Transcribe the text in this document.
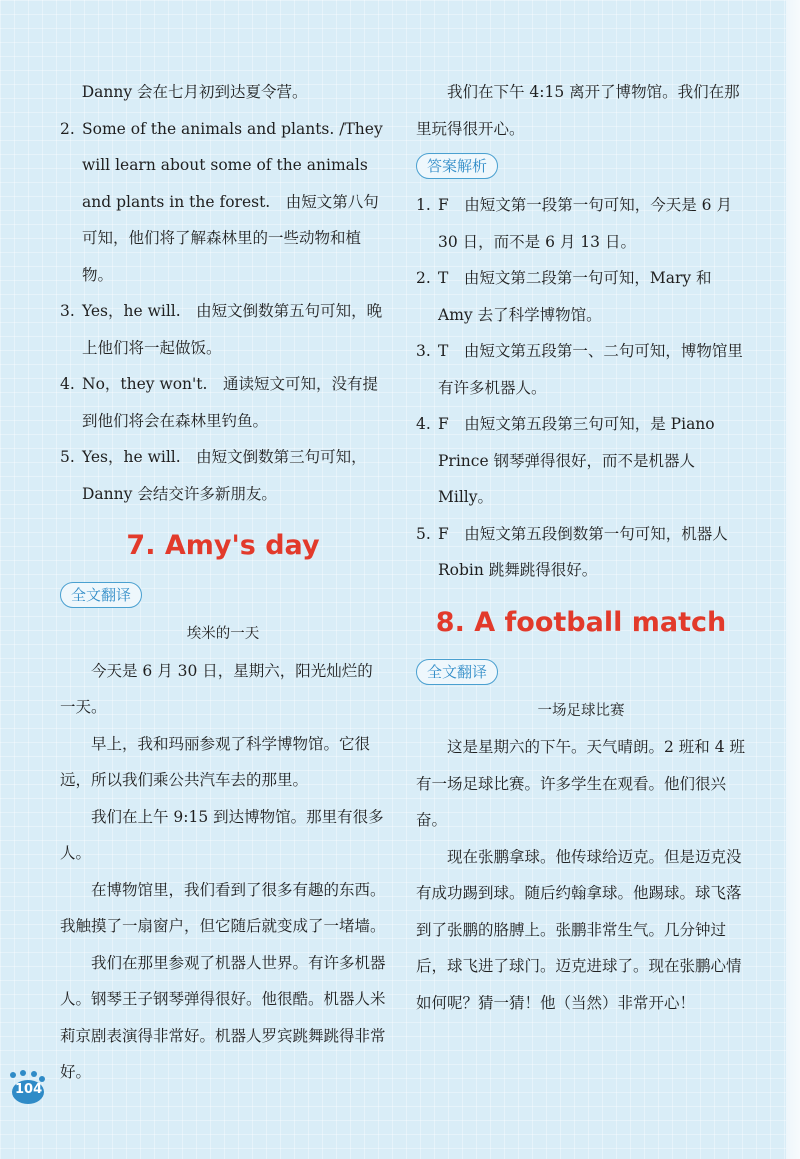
Danny 会在七月初到达夏令营。

2. Some of the animals and plants. /They will learn about some of the animals and plants in the forest.　由短文第八句可知，他们将了解森林里的一些动物和植物。
3. Yes，he will.　由短文倒数第五句可知，晚上他们将一起做饭。
4. No，they won't.　通读短文可知，没有提到他们将会在森林里钓鱼。
5. Yes，he will.　由短文倒数第三句可知，Danny 会结交许多新朋友。
7. Amy's day
全文翻译

埃米的一天

今天是 6 月 30 日，星期六，阳光灿烂的一天。

早上，我和玛丽参观了科学博物馆。它很远，所以我们乘公共汽车去的那里。

我们在上午 9:15 到达博物馆。那里有很多人。

在博物馆里，我们看到了很多有趣的东西。我触摸了一扇窗户，但它随后就变成了一堵墙。

我们在那里参观了机器人世界。有许多机器人。钢琴王子钢琴弹得很好。他很酷。机器人米莉京剧表演得非常好。机器人罗宾跳舞跳得非常好。

我们在下午 4:15 离开了博物馆。我们在那里玩得很开心。

答案解析
1. F　由短文第一段第一句可知，今天是 6 月 30 日，而不是 6 月 13 日。
2. T　由短文第二段第一句可知，Mary 和 Amy 去了科学博物馆。
3. T　由短文第五段第一、二句可知，博物馆里有许多机器人。
4. F　由短文第五段第三句可知，是 Piano Prince 钢琴弹得很好，而不是机器人 Milly。
5. F　由短文第五段倒数第一句可知，机器人 Robin 跳舞跳得很好。
8. A football match
全文翻译

一场足球比赛

这是星期六的下午。天气晴朗。2 班和 4 班有一场足球比赛。许多学生在观看。他们很兴奋。

现在张鹏拿球。他传球给迈克。但是迈克没有成功踢到球。随后约翰拿球。他踢球。球飞落到了张鹏的胳膊上。张鹏非常生气。几分钟过后，球飞进了球门。迈克进球了。现在张鹏心情如何呢？猜一猜！他（当然）非常开心！

104
